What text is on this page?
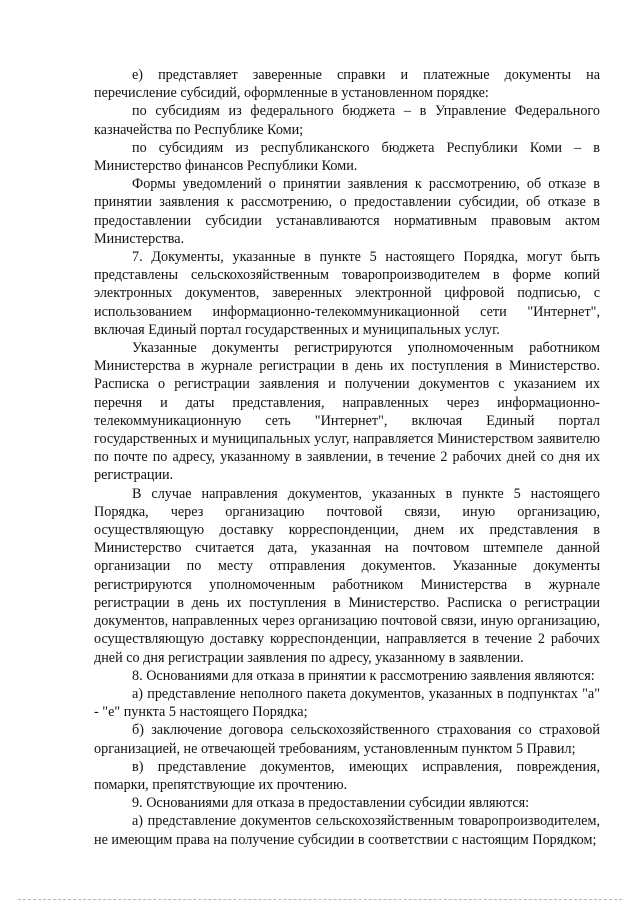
е) представляет заверенные справки и платежные документы на перечисление субсидий, оформленные в установленном порядке:

по субсидиям из федерального бюджета – в Управление Федерального казначейства по Республике Коми;

по субсидиям из республиканского бюджета Республики Коми – в Министерство финансов Республики Коми.

Формы уведомлений о принятии заявления к рассмотрению, об отказе в принятии заявления к рассмотрению, о предоставлении субсидии, об отказе в предоставлении субсидии устанавливаются нормативным правовым актом Министерства.

7. Документы, указанные в пункте 5 настоящего Порядка, могут быть представлены сельскохозяйственным товаропроизводителем в форме копий электронных документов, заверенных электронной цифровой подписью, с использованием информационно-телекоммуникационной сети "Интернет", включая Единый портал государственных и муниципальных услуг.

Указанные документы регистрируются уполномоченным работником Министерства в журнале регистрации в день их поступления в Министерство. Расписка о регистрации заявления и получении документов с указанием их перечня и даты представления, направленных через информационно-телекоммуникационную сеть "Интернет", включая Единый портал государственных и муниципальных услуг, направляется Министерством заявителю по почте по адресу, указанному в заявлении, в течение 2 рабочих дней со дня их регистрации.

В случае направления документов, указанных в пункте 5 настоящего Порядка, через организацию почтовой связи, иную организацию, осуществляющую доставку корреспонденции, днем их представления в Министерство считается дата, указанная на почтовом штемпеле данной организации по месту отправления документов. Указанные документы регистрируются уполномоченным работником Министерства в журнале регистрации в день их поступления в Министерство. Расписка о регистрации документов, направленных через организацию почтовой связи, иную организацию, осуществляющую доставку корреспонденции, направляется в течение 2 рабочих дней со дня регистрации заявления по адресу, указанному в заявлении.

8. Основаниями для отказа в принятии к рассмотрению заявления являются:

а) представление неполного пакета документов, указанных в подпунктах "а" - "е" пункта 5 настоящего Порядка;

б) заключение договора сельскохозяйственного страхования со страховой организацией, не отвечающей требованиям, установленным пунктом 5 Правил;

в) представление документов, имеющих исправления, повреждения, помарки, препятствующие их прочтению.

9. Основаниями для отказа в предоставлении субсидии являются:

а) представление документов сельскохозяйственным товаропроизводителем, не имеющим права на получение субсидии в соответствии с настоящим Порядком;
